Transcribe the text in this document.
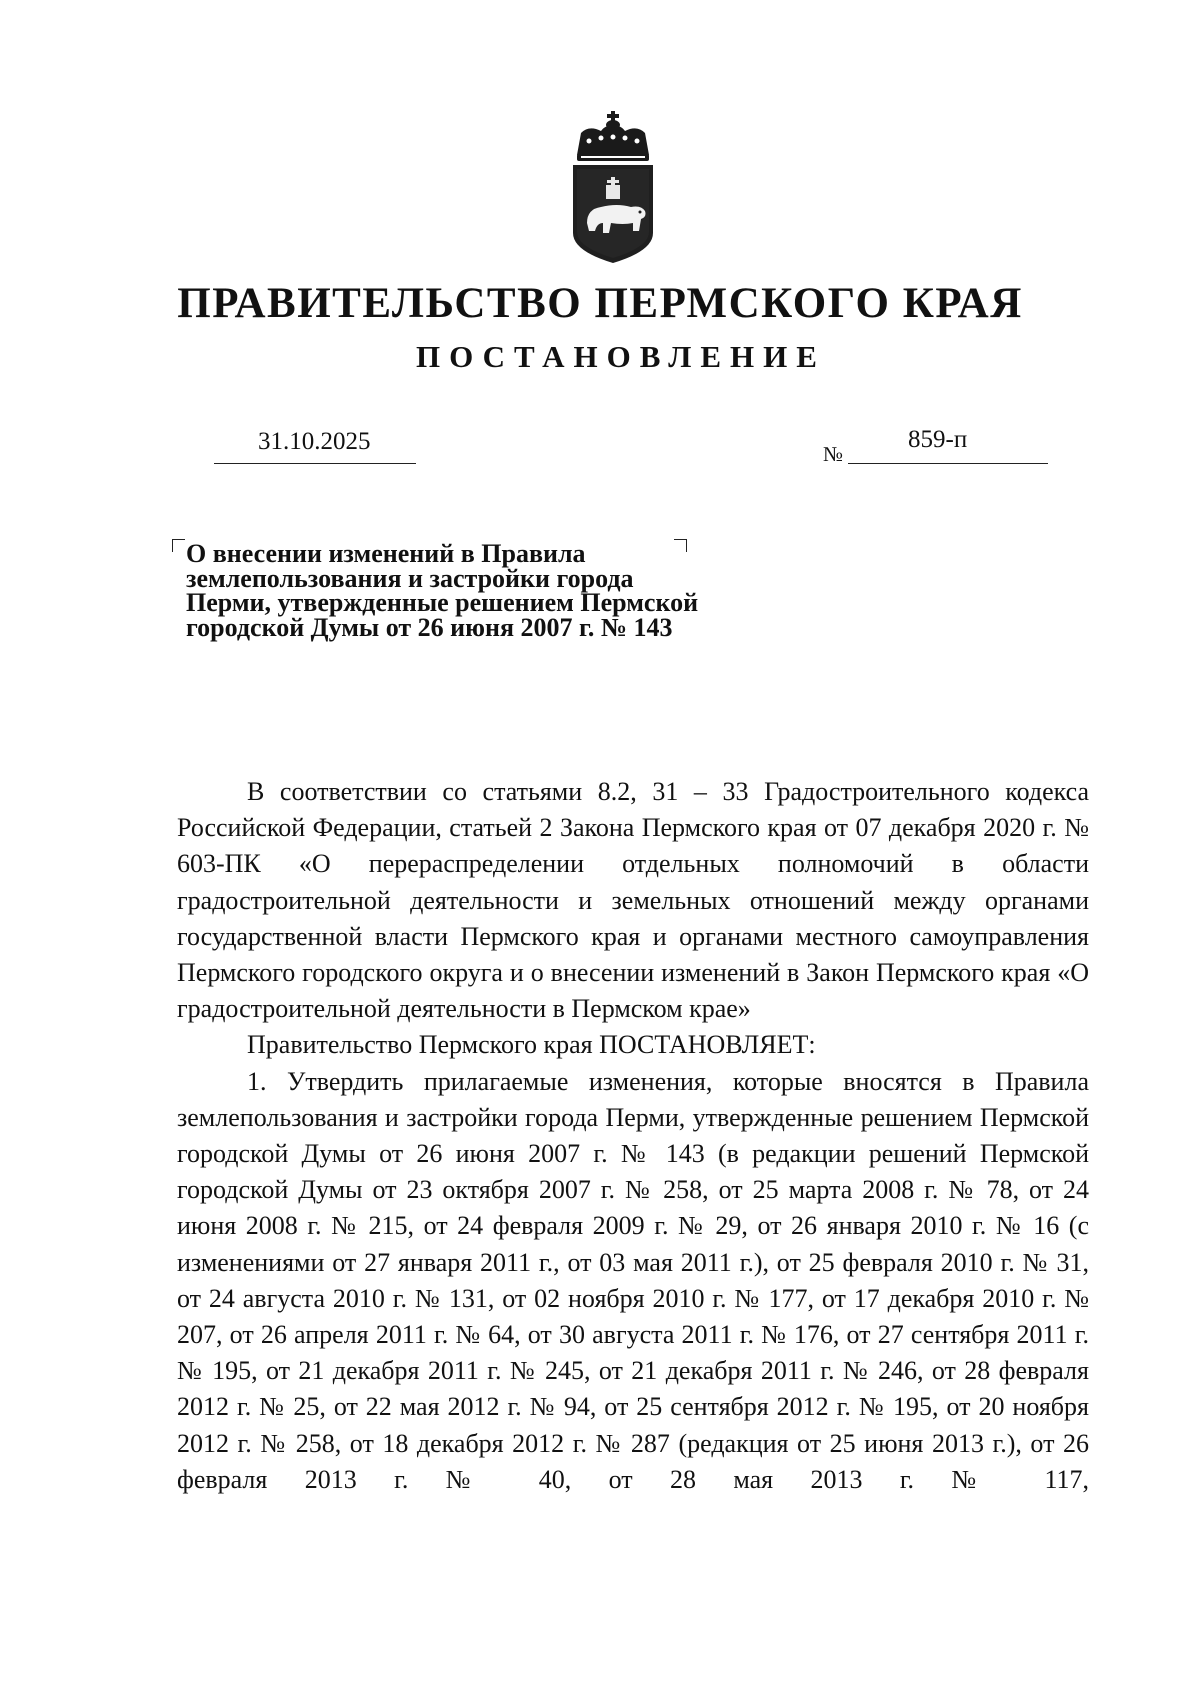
ПРАВИТЕЛЬСТВО ПЕРМСКОГО КРАЯ
ПОСТАНОВЛЕНИЕ
31.10.2025	№
859-п
О внесении изменений в Правила землепользования и застройки города Перми, утвержденные решением Пермской городской Думы от 26 июня 2007 г. № 143

В соответствии со статьями 8.2, 31 – 33 Градостроительного кодекса Российской Федерации, статьей 2 Закона Пермского края от 07 декабря 2020 г. № 603-ПК «О перераспределении отдельных полномочий в области градостроительной деятельности и земельных отношений между органами государственной власти Пермского края и органами местного самоуправления Пермского городского округа и о внесении изменений в Закон Пермского края «О градостроительной деятельности в Пермском крае»

Правительство Пермского края ПОСТАНОВЛЯЕТ:

1. Утвердить прилагаемые изменения, которые вносятся в Правила землепользования и застройки города Перми, утвержденные решением Пермской городской Думы от 26 июня 2007 г. № 143 (в редакции решений Пермской городской Думы от 23 октября 2007 г. № 258, от 25 марта 2008 г. № 78, от 24 июня 2008 г. № 215, от 24 февраля 2009 г. № 29, от 26 января 2010 г. № 16 (с изменениями от 27 января 2011 г., от 03 мая 2011 г.), от 25 февраля 2010 г. № 31, от 24 августа 2010 г. № 131, от 02 ноября 2010 г. № 177, от 17 декабря 2010 г. № 207, от 26 апреля 2011 г. № 64, от 30 августа 2011 г. № 176, от 27 сентября 2011 г. № 195, от 21 декабря 2011 г. № 245, от 21 декабря 2011 г. № 246, от 28 февраля 2012 г. № 25, от 22 мая 2012 г. № 94, от 25 сентября 2012 г. № 195, от 20 ноября 2012 г. № 258, от 18 декабря 2012 г. № 287 (редакция от 25 июня 2013 г.), от 26 февраля 2013 г. № 40, от 28 мая 2013 г. № 117,
